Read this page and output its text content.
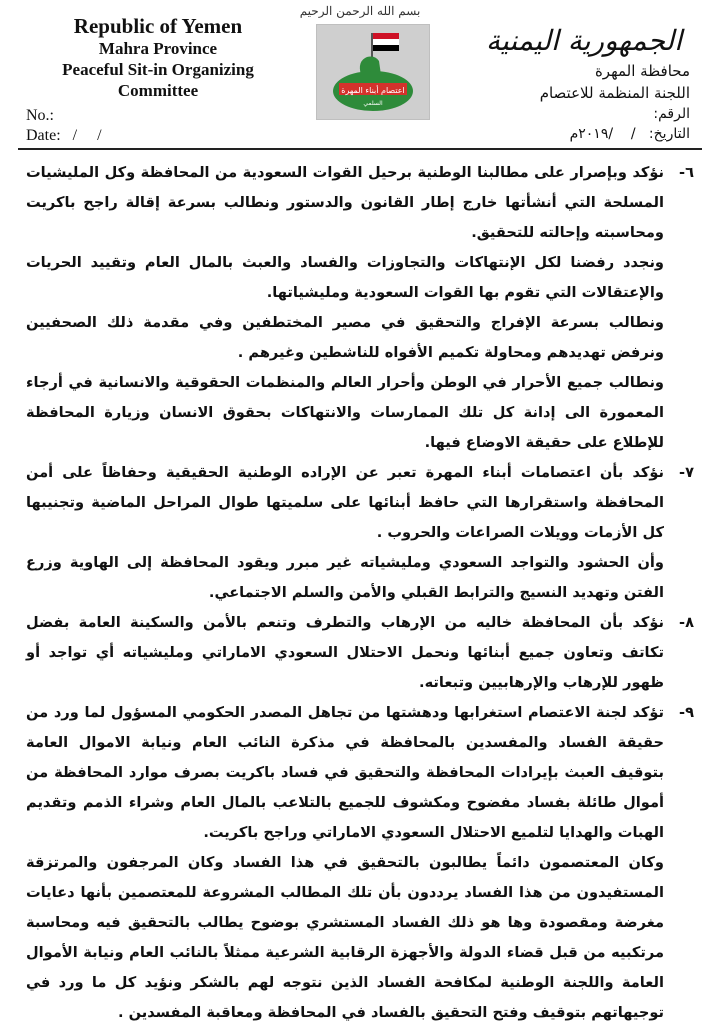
Republic of Yemen
Mahra Province
Peaceful Sit-in Organizing
Committee
No.:
Date:   /     /
بسم الله الرحمن الرحيم
اعتصام أبناء المهرة
السلمي
الجمهورية اليمنية
محافظة المهرة
اللجنة المنظمة للاعتصام
الرقم:
التاريخ:   /    /٢٠١٩م
٦-
نؤكد وبإصرار على مطالبنا الوطنية برحيل القوات السعودية من المحافظة وكل المليشيات المسلحة التي أنشأتها خارج إطار القانون والدستور ونطالب بسرعة إقالة راجح باكريت ومحاسبته وإحالته للتحقيق.

ونجدد رفضنا لكل الإنتهاكات والتجاوزات والفساد والعبث بالمال العام وتقييد الحريات والإعتقالات التي تقوم بها القوات السعودية ومليشياتها.

ونطالب بسرعة الإفراج والتحقيق في مصير المختطفين وفي مقدمة ذلك الصحفيين ونرفض تهديدهم ومحاولة تكميم الأفواه للناشطين وغيرهم .

ونطالب جميع الأحرار في الوطن وأحرار العالم والمنظمات الحقوقية والانسانية في أرجاء المعمورة الى إدانة كل تلك الممارسات والانتهاكات بحقوق الانسان وزيارة المحافظة للإطلاع على حقيقة الاوضاع فيها.

٧-
نؤكد بأن اعتصامات أبناء المهرة تعبر عن الإراده الوطنية الحقيقية وحفاظاً على أمن المحافظة واستقرارها التي حافظ أبنائها على سلميتها طوال المراحل الماضية وتجنيبها كل الأزمات وويلات الصراعات والحروب .

وأن الحشود والتواجد السعودي ومليشياته غير مبرر ويقود المحافظة إلى الهاوية وزرع الفتن وتهديد النسيج والترابط القبلي والأمن والسلم الاجتماعي.

٨-
نؤكد بأن المحافظة خاليه من الإرهاب والتطرف وتنعم بالأمن والسكينة العامة بفضل تكاتف وتعاون جميع أبنائها ونحمل الاحتلال السعودي الاماراتي ومليشياته أي تواجد أو ظهور للإرهاب والإرهابيين وتبعاته.
٩-
تؤكد لجنة الاعتصام استغرابها ودهشتها من تجاهل المصدر الحكومي المسؤول لما ورد من حقيقة الفساد والمفسدين بالمحافظة في مذكرة النائب العام ونيابة الاموال العامة بتوقيف العبث بإيرادات المحافظة والتحقيق في فساد باكريت بصرف موارد المحافظة من أموال طائلة بفساد مفضوح ومكشوف للجميع بالتلاعب بالمال العام وشراء الذمم وتقديم الهبات والهدايا لتلميع الاحتلال السعودي الاماراتي وراجح باكريت.

وكان المعتصمون دائماً يطالبون بالتحقيق في هذا الفساد وكان المرجفون والمرتزقة المستفيدون من هذا الفساد يرددون بأن تلك المطالب المشروعة للمعتصمين بأنها دعايات مغرضة ومقصودة وها هو ذلك الفساد المستشري بوضوح يطالب بالتحقيق فيه ومحاسبة مرتكبيه من قبل قضاء الدولة والأجهزة الرقابية الشرعية ممثلاً بالنائب العام ونيابة الأموال العامة واللجنة الوطنية لمكافحة الفساد الذين نتوجه لهم بالشكر ونؤيد كل ما ورد في توجيهاتهم بتوقيف وفتح التحقيق بالفساد في المحافظة ومعاقبة المفسدين .
